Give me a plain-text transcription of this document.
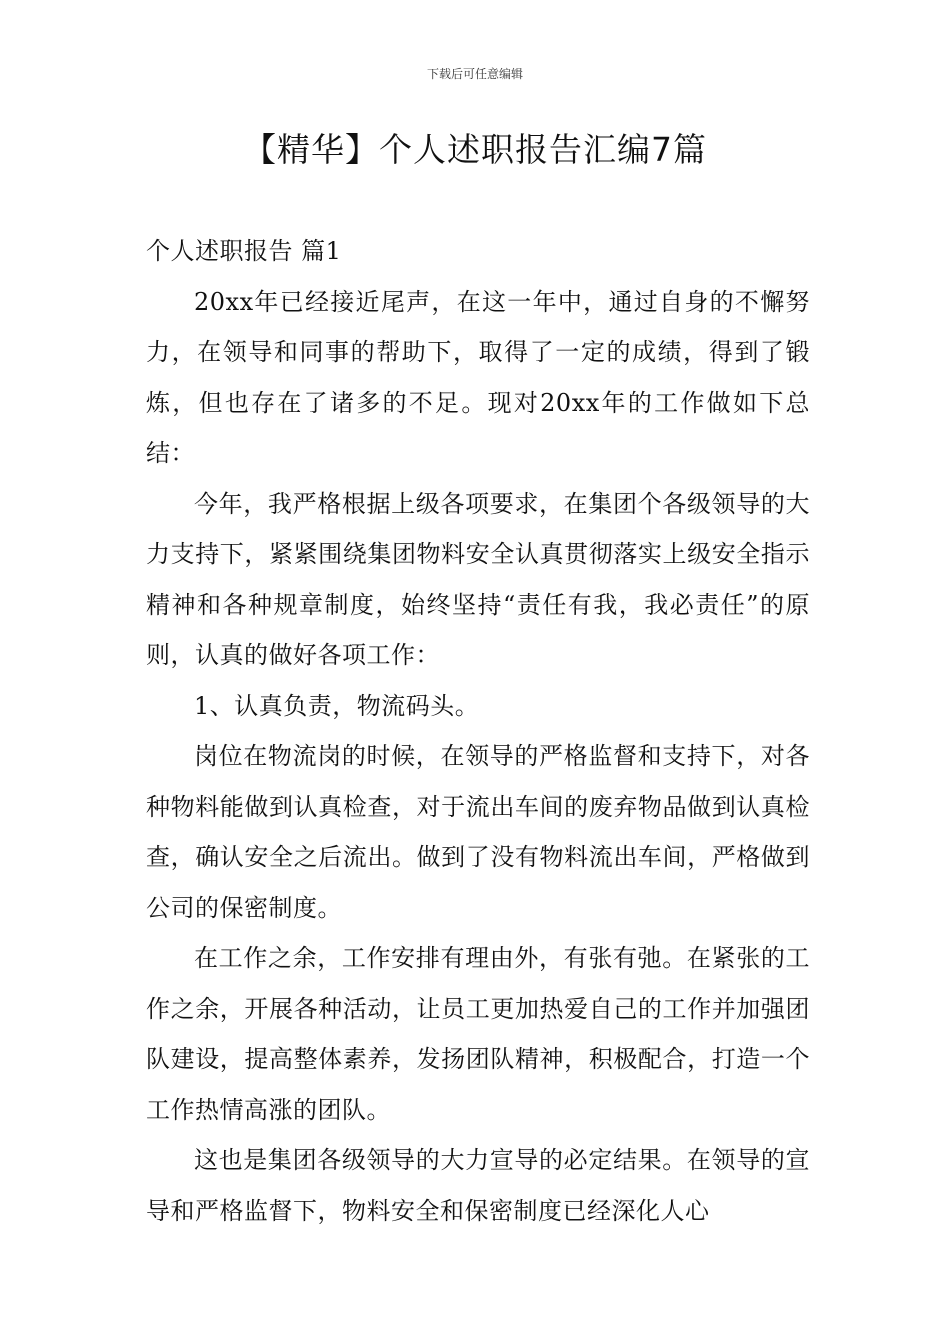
下载后可任意编辑
【精华】个人述职报告汇编7篇
个人述职报告 篇1

20xx年已经接近尾声，在这一年中，通过自身的不懈努力，在领导和同事的帮助下，取得了一定的成绩，得到了锻炼，但也存在了诸多的不足。现对20xx年的工作做如下总结：

今年，我严格根据上级各项要求，在集团个各级领导的大力支持下，紧紧围绕集团物料安全认真贯彻落实上级安全指示精神和各种规章制度，始终坚持“责任有我，我必责任”的原则，认真的做好各项工作：

1、认真负责，物流码头。

岗位在物流岗的时候，在领导的严格监督和支持下，对各种物料能做到认真检查，对于流出车间的废弃物品做到认真检查，确认安全之后流出。做到了没有物料流出车间，严格做到公司的保密制度。

在工作之余，工作安排有理由外，有张有弛。在紧张的工作之余，开展各种活动，让员工更加热爱自己的工作并加强团队建设，提高整体素养，发扬团队精神，积极配合，打造一个工作热情高涨的团队。

这也是集团各级领导的大力宣导的必定结果。在领导的宣导和严格监督下，物料安全和保密制度已经深化人心
